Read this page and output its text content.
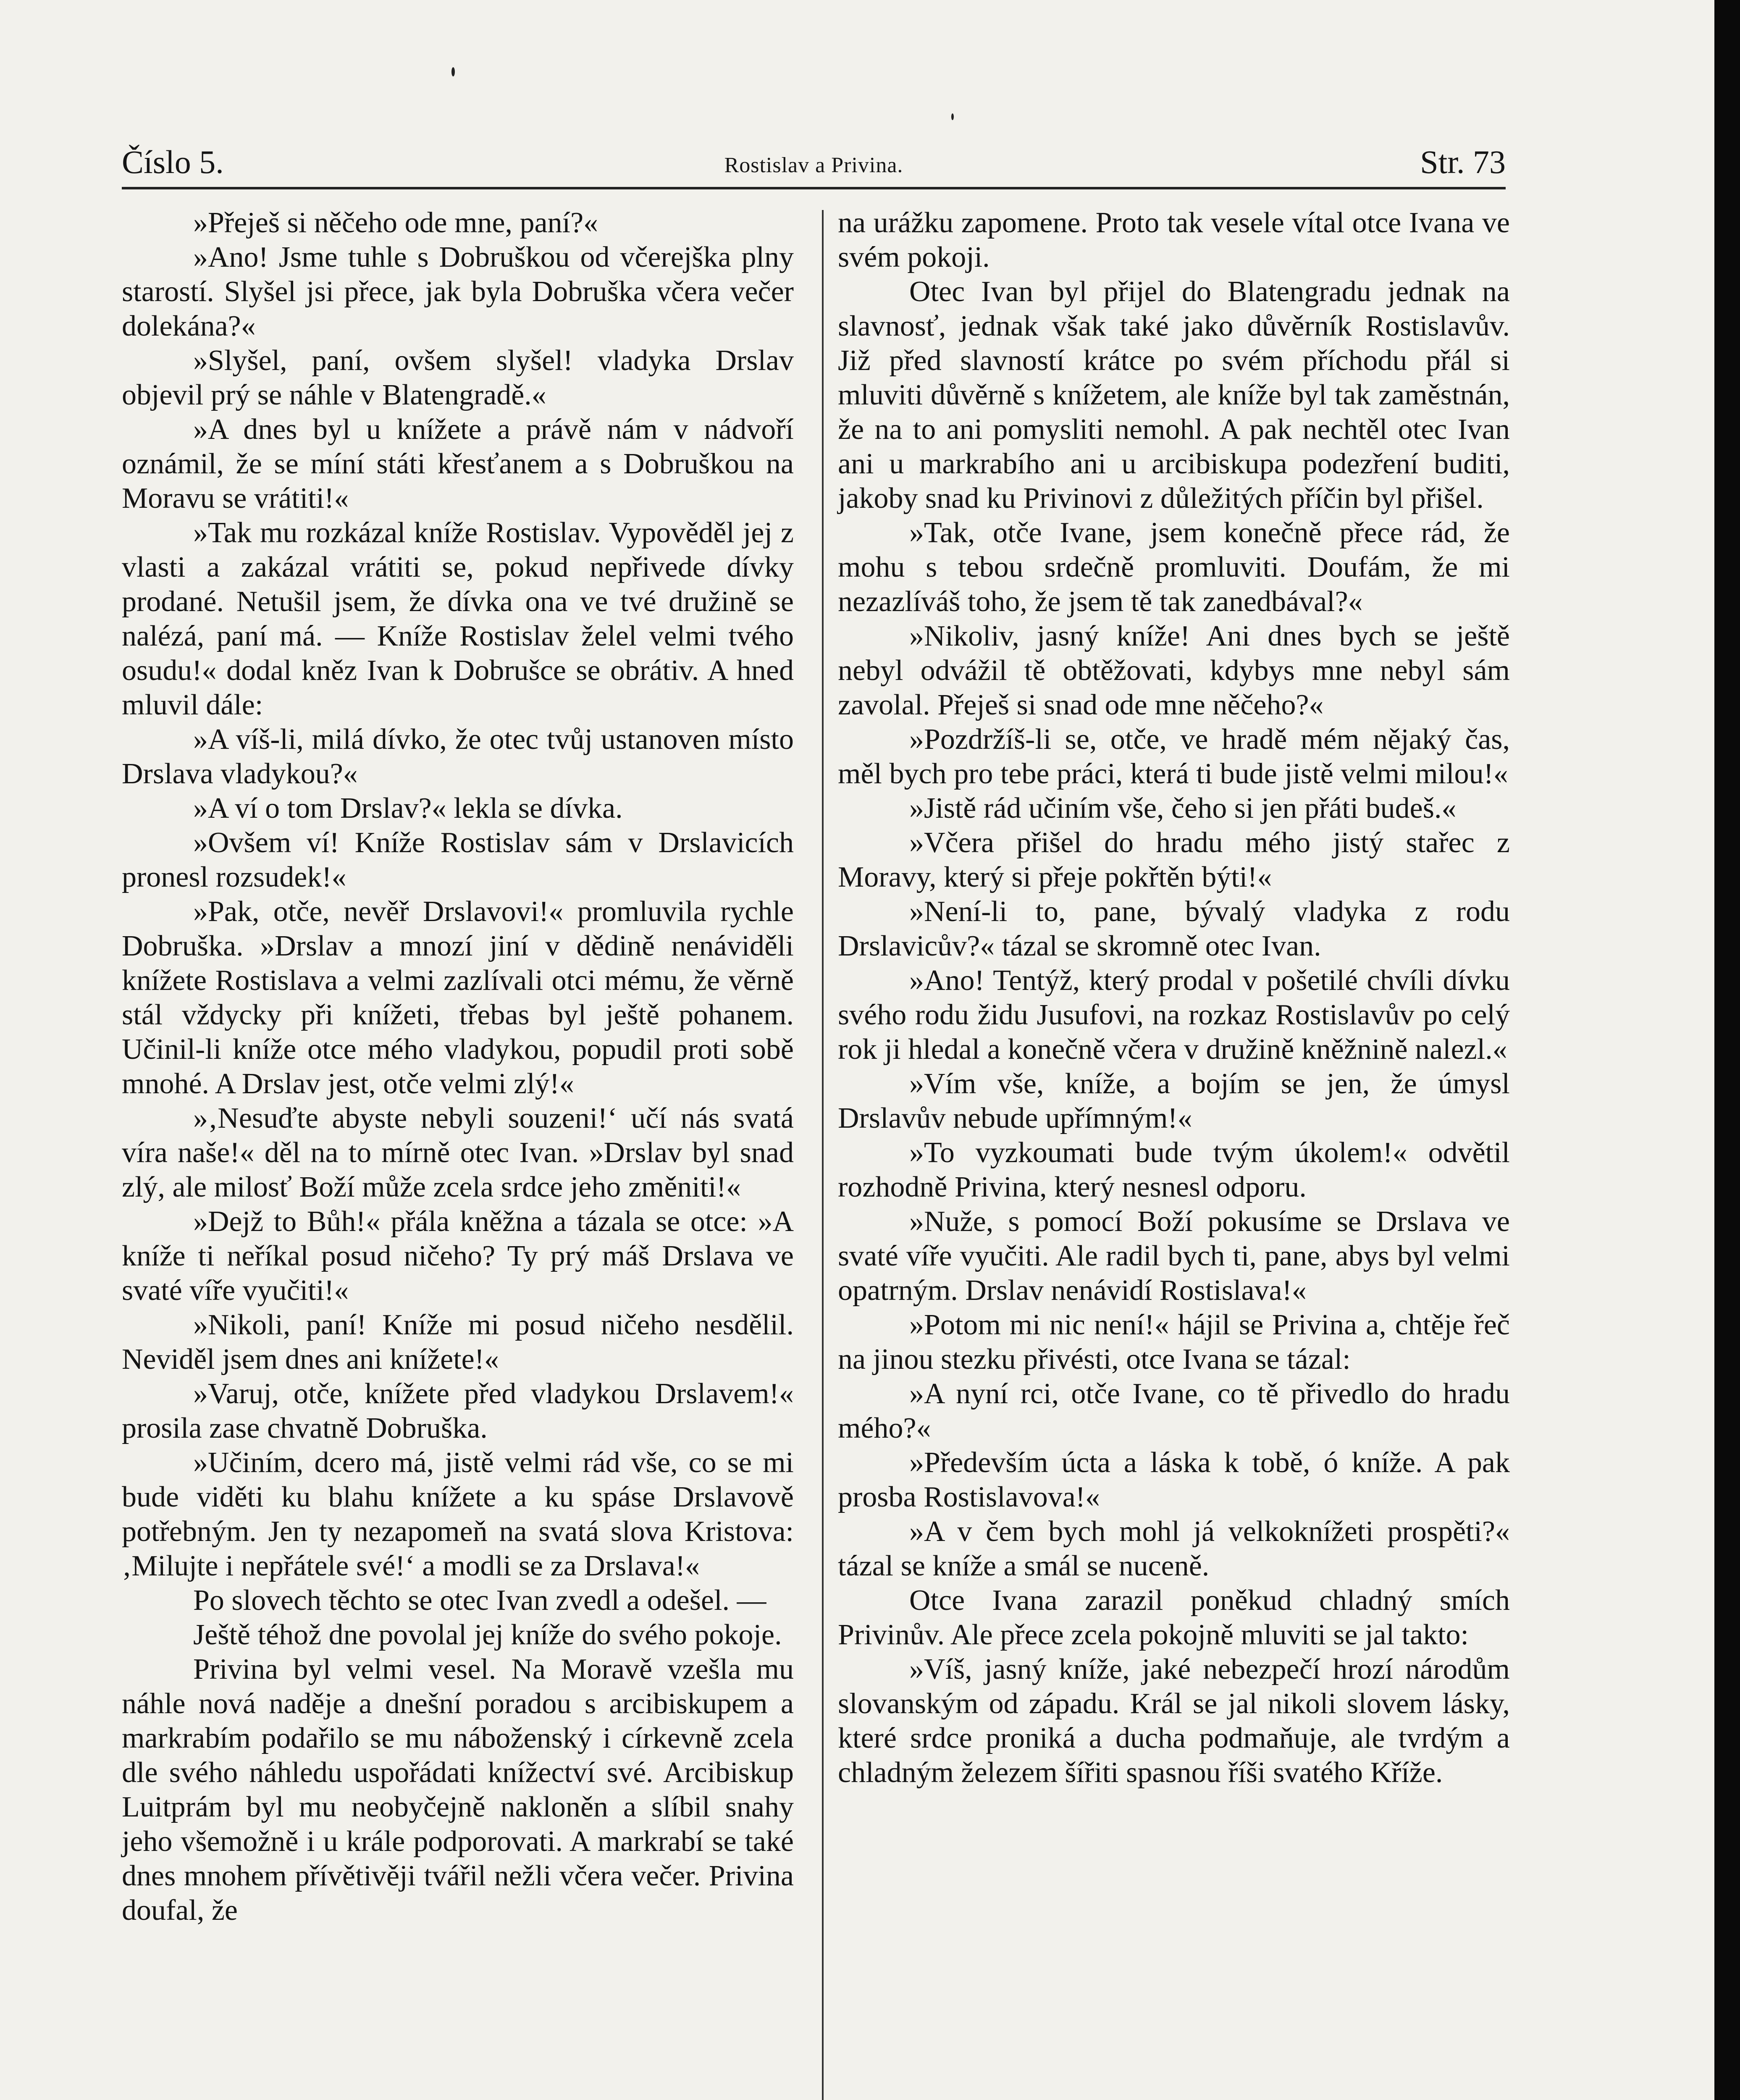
Číslo 5.	Rostislav a Privina.	Str. 73

»Přeješ si něčeho ode mne, paní?«

»Ano! Jsme tuhle s Dobruškou od včerejška plny starostí. Slyšel jsi přece, jak byla Dobruška včera večer dolekána?«

»Slyšel, paní, ovšem slyšel! vladyka Drslav objevil prý se náhle v Blatengradě.«

»A dnes byl u knížete a právě nám v nádvoří oznámil, že se míní státi křesťanem a s Dobruškou na Moravu se vrátiti!«

»Tak mu rozkázal kníže Rostislav. Vypověděl jej z vlasti a zakázal vrátiti se, pokud nepřivede dívky prodané. Netušil jsem, že dívka ona ve tvé družině se nalézá, paní má. — Kníže Rostislav želel velmi tvého osudu!« dodal kněz Ivan k Dobrušce se obrátiv. A hned mluvil dále:

»A víš-li, milá dívko, že otec tvůj ustanoven místo Drslava vladykou?«

»A ví o tom Drslav?« lekla se dívka.

»Ovšem ví! Kníže Rostislav sám v Drslavicích pronesl rozsudek!«

»Pak, otče, nevěř Drslavovi!« promluvila rychle Dobruška. »Drslav a mnozí jiní v dědině nenáviděli knížete Rostislava a velmi zazlívali otci mému, že věrně stál vždycky při knížeti, třebas byl ještě pohanem. Učinil-li kníže otce mého vladykou, popudil proti sobě mnohé. A Drslav jest, otče velmi zlý!«

»‚Nesuďte abyste nebyli souzeni!‘ učí nás svatá víra naše!« děl na to mírně otec Ivan. »Drslav byl snad zlý, ale milosť Boží může zcela srdce jeho změniti!«

»Dejž to Bůh!« přála kněžna a tázala se otce: »A kníže ti neříkal posud ničeho? Ty prý máš Drslava ve svaté víře vyučiti!«

»Nikoli, paní! Kníže mi posud ničeho nesdělil. Neviděl jsem dnes ani knížete!«

»Varuj, otče, knížete před vladykou Drslavem!« prosila zase chvatně Dobruška.

»Učiním, dcero má, jistě velmi rád vše, co se mi bude viděti ku blahu knížete a ku spáse Drslavově potřebným. Jen ty nezapomeň na svatá slova Kristova: ‚Milujte i nepřátele své!‘ a modli se za Drslava!«

Po slovech těchto se otec Ivan zvedl a odešel. —

Ještě téhož dne povolal jej kníže do svého pokoje.

Privina byl velmi vesel. Na Moravě vzešla mu náhle nová naděje a dnešní poradou s arcibiskupem a markrabím podařilo se mu náboženský i církevně zcela dle svého náhledu uspořádati knížectví své. Arcibiskup Luitprám byl mu neobyčejně nakloněn a slíbil snahy jeho všemožně i u krále podporovati. A markrabí se také dnes mnohem přívětivěji tvářil nežli včera večer. Privina doufal, že

na urážku zapomene. Proto tak vesele vítal otce Ivana ve svém pokoji.

Otec Ivan byl přijel do Blatengradu jednak na slavnosť, jednak však také jako důvěrník Rostislavův. Již před slavností krátce po svém příchodu přál si mluviti důvěrně s knížetem, ale kníže byl tak zaměstnán, že na to ani pomysliti nemohl. A pak nechtěl otec Ivan ani u markrabího ani u arcibiskupa podezření buditi, jakoby snad ku Privinovi z důležitých příčin byl přišel.

»Tak, otče Ivane, jsem konečně přece rád, že mohu s tebou srdečně promluviti. Doufám, že mi nezazlíváš toho, že jsem tě tak zanedbával?«

»Nikoliv, jasný kníže! Ani dnes bych se ještě nebyl odvážil tě obtěžovati, kdybys mne nebyl sám zavolal. Přeješ si snad ode mne něčeho?«

»Pozdržíš-li se, otče, ve hradě mém nějaký čas, měl bych pro tebe práci, která ti bude jistě velmi milou!«

»Jistě rád učiním vše, čeho si jen přáti budeš.«

»Včera přišel do hradu mého jistý stařec z Moravy, který si přeje pokřtěn býti!«

»Není-li to, pane, bývalý vladyka z rodu Drslavicův?« tázal se skromně otec Ivan.

»Ano! Tentýž, který prodal v pošetilé chvíli dívku svého rodu židu Jusufovi, na rozkaz Rostislavův po celý rok ji hledal a konečně včera v družině kněžnině nalezl.«

»Vím vše, kníže, a bojím se jen, že úmysl Drslavův nebude upřímným!«

»To vyzkoumati bude tvým úkolem!« odvětil rozhodně Privina, který nesnesl odporu.

»Nuže, s pomocí Boží pokusíme se Drslava ve svaté víře vyučiti. Ale radil bych ti, pane, abys byl velmi opatrným. Drslav nenávidí Rostislava!«

»Potom mi nic není!« hájil se Privina a, chtěje řeč na jinou stezku přivésti, otce Ivana se tázal:

»A nyní rci, otče Ivane, co tě přivedlo do hradu mého?«

»Především úcta a láska k tobě, ó kníže. A pak prosba Rostislavova!«

»A v čem bych mohl já velkoknížeti prospěti?« tázal se kníže a smál se nuceně.

Otce Ivana zarazil poněkud chladný smích Privinův. Ale přece zcela pokojně mluviti se jal takto:

»Víš, jasný kníže, jaké nebezpečí hrozí národům slovanským od západu. Král se jal nikoli slovem lásky, které srdce proniká a ducha podmaňuje, ale tvrdým a chladným železem šířiti spasnou říši svatého Kříže.
